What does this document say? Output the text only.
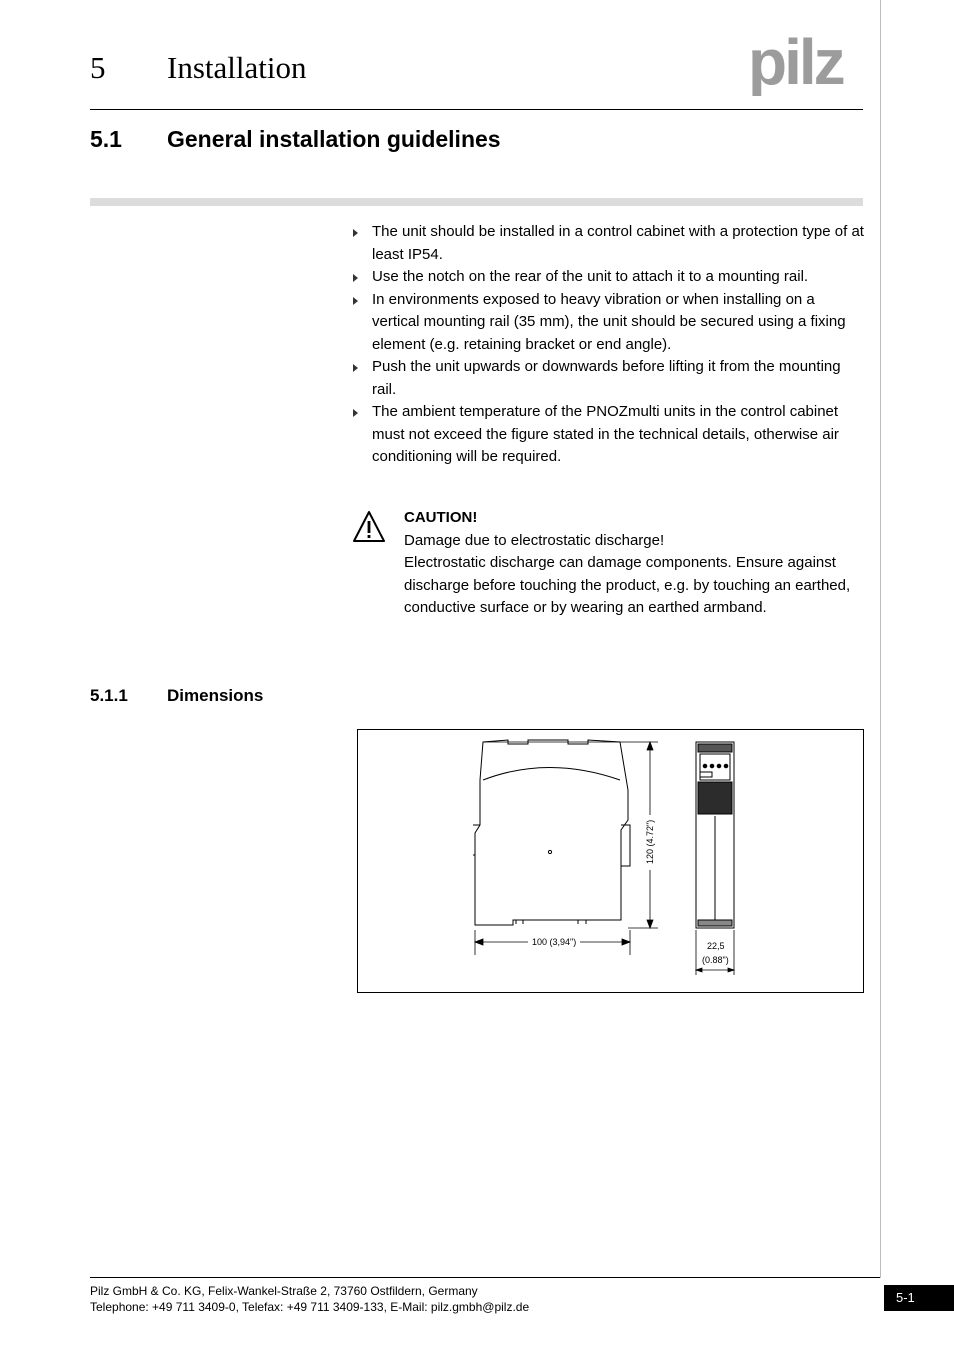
5 Installation	pilz
5.1 General installation guidelines
The unit should be installed in a control cabinet with a protection type of at least IP54.
Use the notch on the rear of the unit to attach it to a mounting rail.
In environments exposed to heavy vibration or when installing on a vertical mounting rail (35 mm), the unit should be secured using a fixing element (e.g. retaining bracket or end angle).
Push the unit upwards or downwards before lifting it from the mounting rail.
The ambient temperature of the PNOZmulti units in the control cabinet must not exceed the figure stated in the technical details, otherwise air conditioning will be required.
CAUTION!
Damage due to electrostatic discharge!
Electrostatic discharge can damage components. Ensure against discharge before touching the product, e.g. by touching an earthed, conductive surface or by wearing an earthed armband.
5.1.1 Dimensions
120 (4.72")
100 (3,94")	22,5
(0.88")
Pilz GmbH & Co. KG, Felix-Wankel-Straße 2, 73760 Ostfildern, Germany
Telephone: +49 711 3409-0, Telefax: +49 711 3409-133, E-Mail: pilz.gmbh@pilz.de
5-1
